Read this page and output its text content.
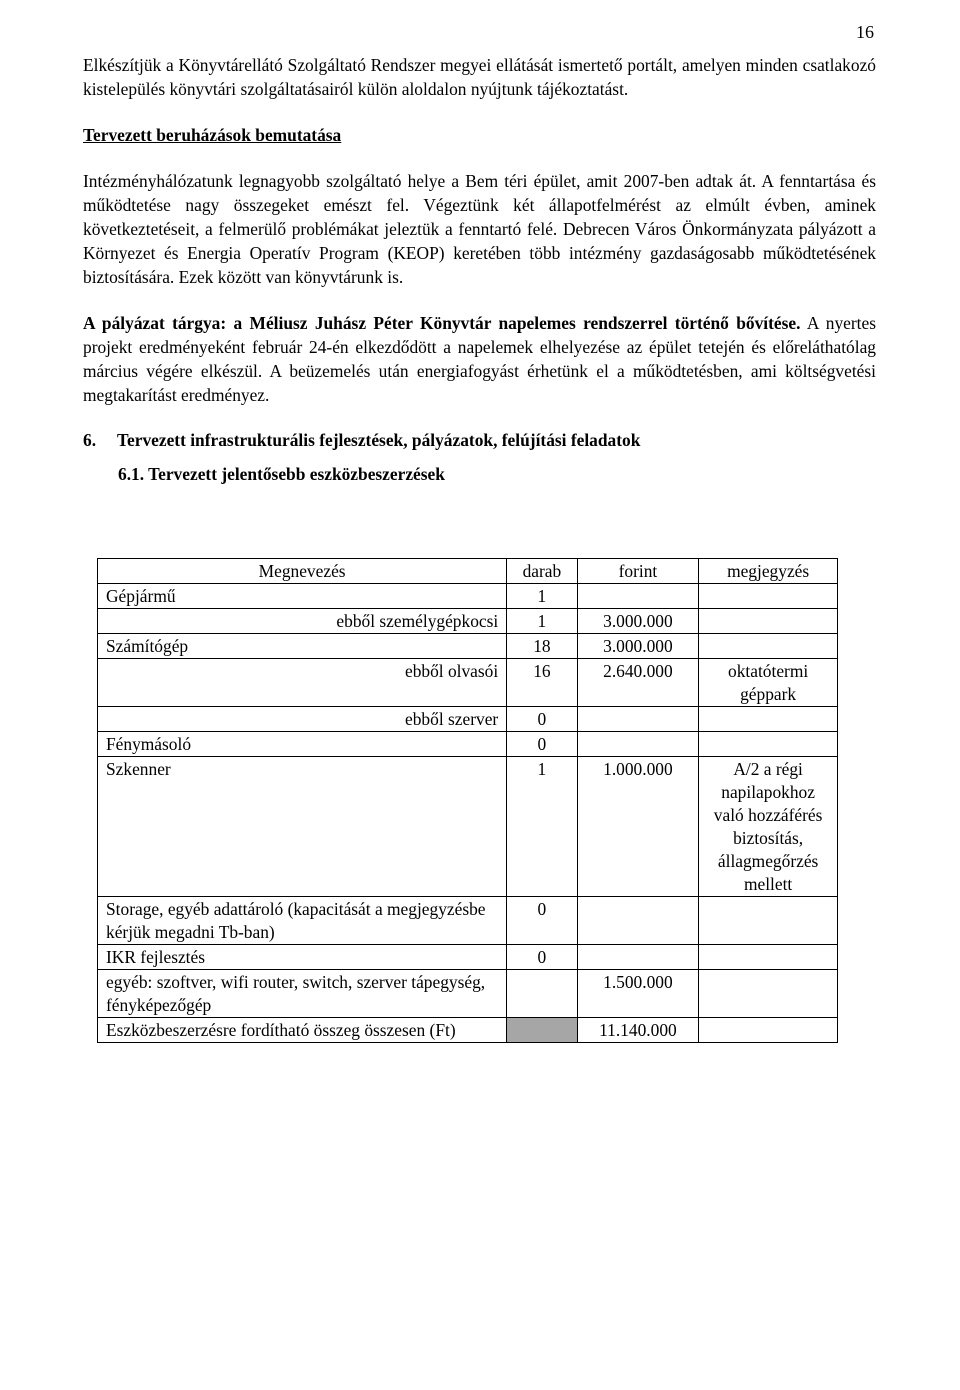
16

Elkészítjük a Könyvtárellátó Szolgáltató Rendszer megyei ellátását ismertető portált, amelyen minden csatlakozó kistelepülés könyvtári szolgáltatásairól külön aloldalon nyújtunk tájékoztatást.

Tervezett beruházások bemutatása

Intézményhálózatunk legnagyobb szolgáltató helye a Bem téri épület, amit 2007-ben adtak át. A fenntartása és működtetése nagy összegeket emészt fel. Végeztünk két állapotfelmérést az elmúlt évben, aminek következtetéseit, a felmerülő problémákat jeleztük a fenntartó felé. Debrecen Város Önkormányzata pályázott a Környezet és Energia Operatív Program (KEOP) keretében több intézmény gazdaságosabb működtetésének biztosítására. Ezek között van könyvtárunk is.

A pályázat tárgya: a Méliusz Juhász Péter Könyvtár napelemes rendszerrel történő bővítése. A nyertes projekt eredményeként február 24-én elkezdődött a napelemek elhelyezése az épület tetején és előreláthatólag március végére elkészül. A beüzemelés után energiafogyást érhetünk el a működtetésben, ami költségvetési megtakarítást eredményez.

6. Tervezett infrastrukturális fejlesztések, pályázatok, felújítási feladatok

6.1. Tervezett jelentősebb eszközbeszerzések

Megnevezés	darab	forint	megjegyzés
Gépjármű	1		
ebből személygépkocsi	1	3.000.000	
Számítógép	18	3.000.000	
ebből olvasói	16	2.640.000	oktatótermi géppark
ebből szerver	0		
Fénymásoló	0		
Szkenner	1	1.000.000	A/2 a régi napilapokhoz való hozzáférés biztosítás, állagmegőrzés mellett
Storage, egyéb adattároló (kapacitását a megjegyzésbe kérjük megadni Tb-ban)	0		
IKR fejlesztés	0		
egyéb: szoftver, wifi router, switch, szerver tápegység, fényképezőgép		1.500.000	
Eszközbeszerzésre fordítható összeg összesen (Ft)		11.140.000	
